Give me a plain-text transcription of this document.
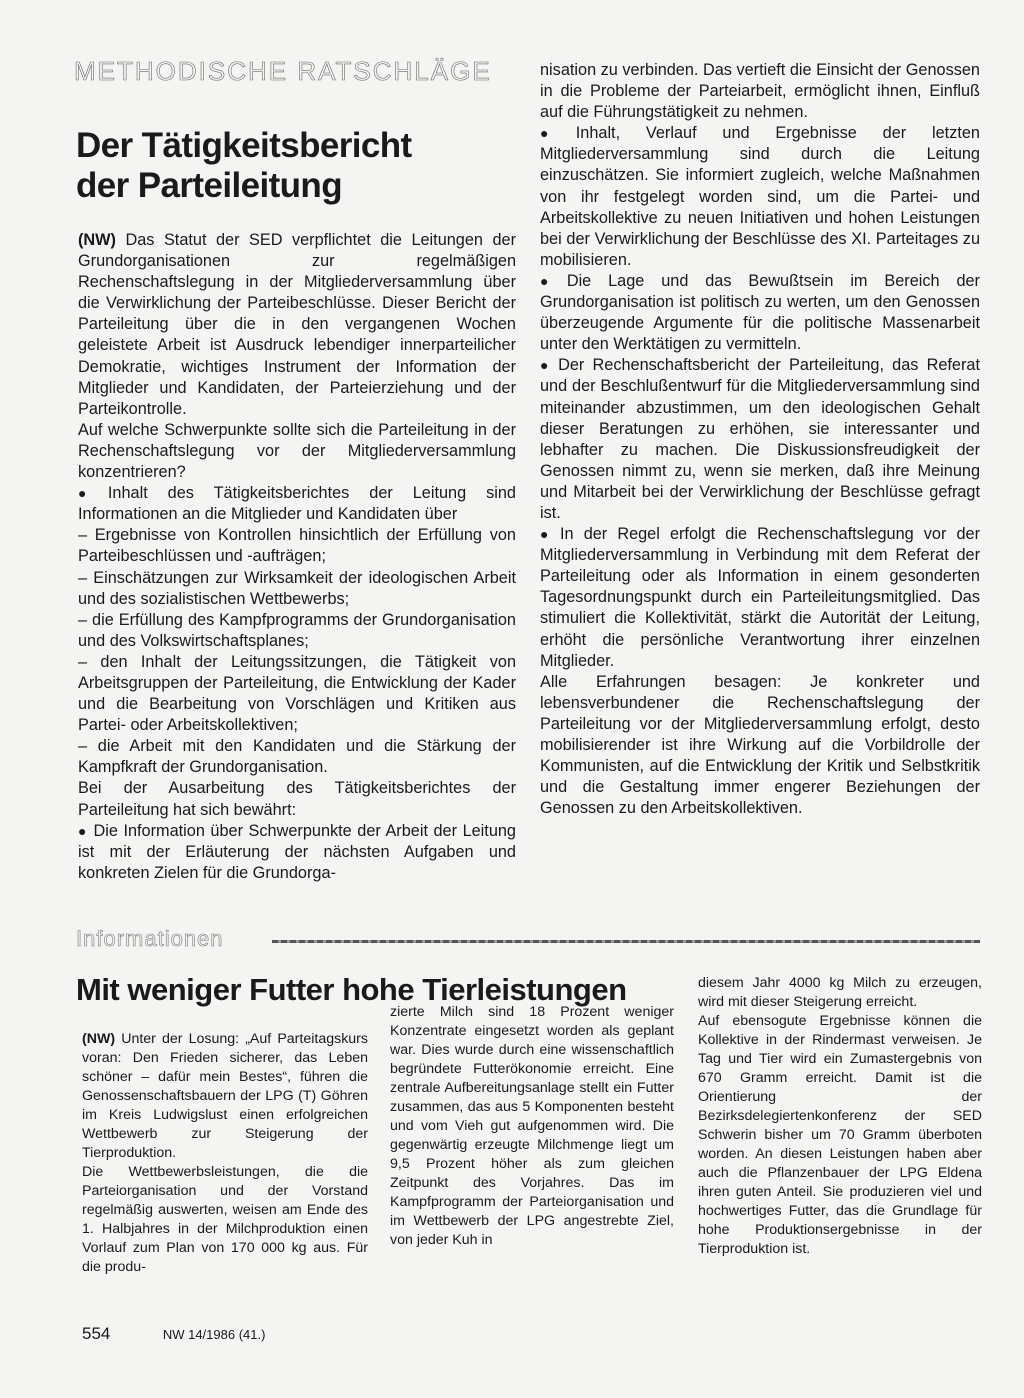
METHODISCHE RATSCHLÄGE
Der Tätigkeitsbericht
der Parteileitung

(NW) Das Statut der SED verpflichtet die Leitungen der Grundorganisationen zur regelmäßigen Rechenschaftslegung in der Mitgliederversammlung über die Verwirklichung der Parteibeschlüsse. Dieser Bericht der Parteileitung über die in den vergangenen Wochen geleistete Arbeit ist Ausdruck lebendiger innerparteilicher Demokratie, wichtiges Instrument der Information der Mitglieder und Kandidaten, der Parteierziehung und der Parteikontrolle.

Auf welche Schwerpunkte sollte sich die Parteileitung in der Rechenschaftslegung vor der Mitgliederversammlung konzentrieren?

● Inhalt des Tätigkeitsberichtes der Leitung sind Informationen an die Mitglieder und Kandidaten über

– Ergebnisse von Kontrollen hinsichtlich der Erfüllung von Parteibeschlüssen und -aufträgen;

– Einschätzungen zur Wirksamkeit der ideologischen Arbeit und des sozialistischen Wettbewerbs;

– die Erfüllung des Kampfprogramms der Grundorganisation und des Volkswirtschaftsplanes;

– den Inhalt der Leitungssitzungen, die Tätigkeit von Arbeitsgruppen der Parteileitung, die Entwicklung der Kader und die Bearbeitung von Vorschlägen und Kritiken aus Partei- oder Arbeitskollektiven;

– die Arbeit mit den Kandidaten und die Stärkung der Kampfkraft der Grundorganisation.

Bei der Ausarbeitung des Tätigkeitsberichtes der Parteileitung hat sich bewährt:

● Die Information über Schwerpunkte der Arbeit der Leitung ist mit der Erläuterung der nächsten Aufgaben und konkreten Zielen für die Grundorga-

nisation zu verbinden. Das vertieft die Einsicht der Genossen in die Probleme der Parteiarbeit, ermöglicht ihnen, Einfluß auf die Führungstätigkeit zu nehmen.

● Inhalt, Verlauf und Ergebnisse der letzten Mitgliederversammlung sind durch die Leitung einzuschätzen. Sie informiert zugleich, welche Maßnahmen von ihr festgelegt worden sind, um die Partei- und Arbeitskollektive zu neuen Initiativen und hohen Leistungen bei der Verwirklichung der Beschlüsse des XI. Parteitages zu mobilisieren.

● Die Lage und das Bewußtsein im Bereich der Grundorganisation ist politisch zu werten, um den Genossen überzeugende Argumente für die politische Massenarbeit unter den Werktätigen zu vermitteln.

● Der Rechenschaftsbericht der Parteileitung, das Referat und der Beschlußentwurf für die Mitgliederversammlung sind miteinander abzustimmen, um den ideologischen Gehalt dieser Beratungen zu erhöhen, sie interessanter und lebhafter zu machen. Die Diskussionsfreudigkeit der Genossen nimmt zu, wenn sie merken, daß ihre Meinung und Mitarbeit bei der Verwirklichung der Beschlüsse gefragt ist.

● In der Regel erfolgt die Rechenschaftslegung vor der Mitgliederversammlung in Verbindung mit dem Referat der Parteileitung oder als Information in einem gesonderten Tagesordnungspunkt durch ein Parteileitungsmitglied. Das stimuliert die Kollektivität, stärkt die Autorität der Leitung, erhöht die persönliche Verantwortung ihrer einzelnen Mitglieder.

Alle Erfahrungen besagen: Je konkreter und lebensverbundener die Rechenschaftslegung der Parteileitung vor der Mitgliederversammlung erfolgt, desto mobilisierender ist ihre Wirkung auf die Vorbildrolle der Kommunisten, auf die Entwicklung der Kritik und Selbstkritik und die Gestaltung immer engerer Beziehungen der Genossen zu den Arbeitskollektiven.

Informationen
Mit weniger Futter hohe Tierleistungen

(NW) Unter der Losung: „Auf Parteitagskurs voran: Den Frieden sicherer, das Leben schöner – dafür mein Bestes“, führen die Genossenschaftsbauern der LPG (T) Göhren im Kreis Ludwigslust einen erfolgreichen Wettbewerb zur Steigerung der Tierproduktion.

Die Wettbewerbsleistungen, die die Parteiorganisation und der Vorstand regelmäßig auswerten, weisen am Ende des 1. Halbjahres in der Milchproduktion einen Vorlauf zum Plan von 170 000 kg aus. Für die produ-

zierte Milch sind 18 Prozent weniger Konzentrate eingesetzt worden als geplant war. Dies wurde durch eine wissenschaftlich begründete Futterökonomie erreicht. Eine zentrale Aufbereitungsanlage stellt ein Futter zusammen, das aus 5 Komponenten besteht und vom Vieh gut aufgenommen wird. Die gegenwärtig erzeugte Milchmenge liegt um 9,5 Prozent höher als zum gleichen Zeitpunkt des Vorjahres. Das im Kampfprogramm der Parteiorganisation und im Wettbewerb der LPG angestrebte Ziel, von jeder Kuh in

diesem Jahr 4000 kg Milch zu erzeugen, wird mit dieser Steigerung erreicht.

Auf ebensogute Ergebnisse können die Kollektive in der Rindermast verweisen. Je Tag und Tier wird ein Zumastergebnis von 670 Gramm erreicht. Damit ist die Orientierung der Bezirksdelegiertenkonferenz der SED Schwerin bisher um 70 Gramm überboten worden. An diesen Leistungen haben aber auch die Pflanzenbauer der LPG Eldena ihren guten Anteil. Sie produzieren viel und hochwertiges Futter, das die Grundlage für hohe Produktionsergebnisse in der Tierproduktion ist.

554	NW 14/1986 (41.)
